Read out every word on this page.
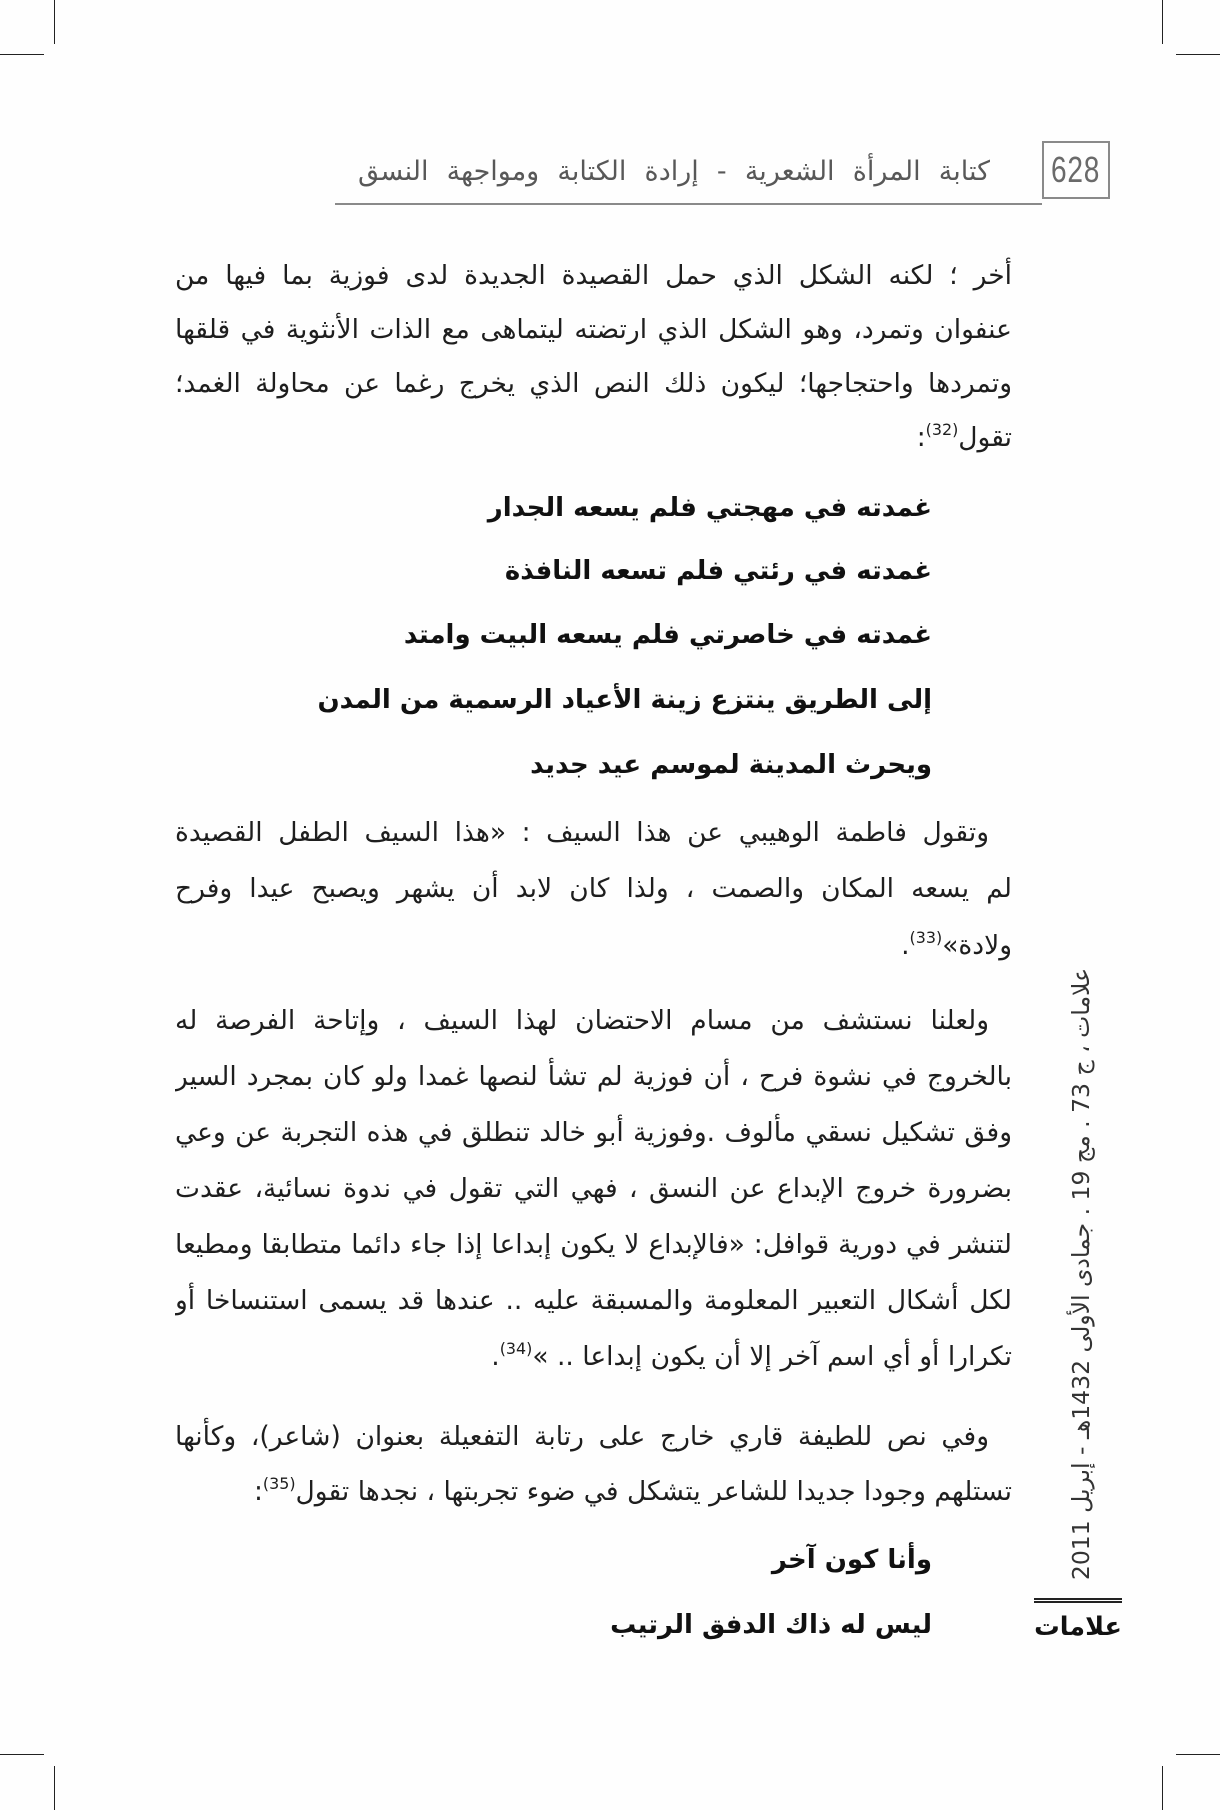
628
كتابة المرأة الشعرية - إرادة الكتابة ومواجهة النسق
أخر ؛ لكنه الشكل الذي حمل القصيدة الجديدة لدى فوزية بما فيها من
عنفوان وتمرد، وهو الشكل الذي ارتضته ليتماهى مع الذات الأنثوية في قلقها
وتمردها واحتجاجها؛ ليكون ذلك النص الذي يخرج رغما عن محاولة الغمد؛
تقول$^{(32)}$:
غمدته في مهجتي فلم يسعه الجدار
غمدته في رئتي فلم تسعه النافذة
غمدته في خاصرتي فلم يسعه البيت وامتد
إلى الطريق ينتزع زينة الأعياد الرسمية من المدن
ويحرث المدينة لموسم عيد جديد
وتقول فاطمة الوهيبي عن هذا السيف : «هذا السيف الطفل القصيدة
لم يسعه المكان والصمت ، ولذا كان لابد أن يشهر ويصبح عيدا وفرح
ولادة»$^{(33)}$.
ولعلنا نستشف من مسام الاحتضان لهذا السيف ، وإتاحة الفرصة له
بالخروج في نشوة فرح ، أن فوزية لم تشأ لنصها غمدا ولو كان بمجرد السير
وفق تشكيل نسقي مألوف .وفوزية أبو خالد تنطلق في هذه التجربة عن وعي
بضرورة خروج الإبداع عن النسق ، فهي التي تقول في ندوة نسائية، عقدت
لتنشر في دورية قوافل: «فالإبداع لا يكون إبداعا إذا جاء دائما متطابقا ومطيعا
لكل أشكال التعبير المعلومة والمسبقة عليه .. عندها قد يسمى استنساخا أو
تكرارا أو أي اسم آخر إلا أن يكون إبداعا .. »$^{(34)}$.
وفي نص للطيفة قاري خارج على رتابة التفعيلة بعنوان (شاعر)، وكأنها
تستلهم وجودا جديدا للشاعر يتشكل في ضوء تجربتها ، نجدها تقول$^{(35)}$:
وأنا كون آخر
ليس له ذاك الدفق الرتيب
علامات ، ج 73 . مج 19 . جمادى الأولى 1432هـ - إبريل 2011
علامات
